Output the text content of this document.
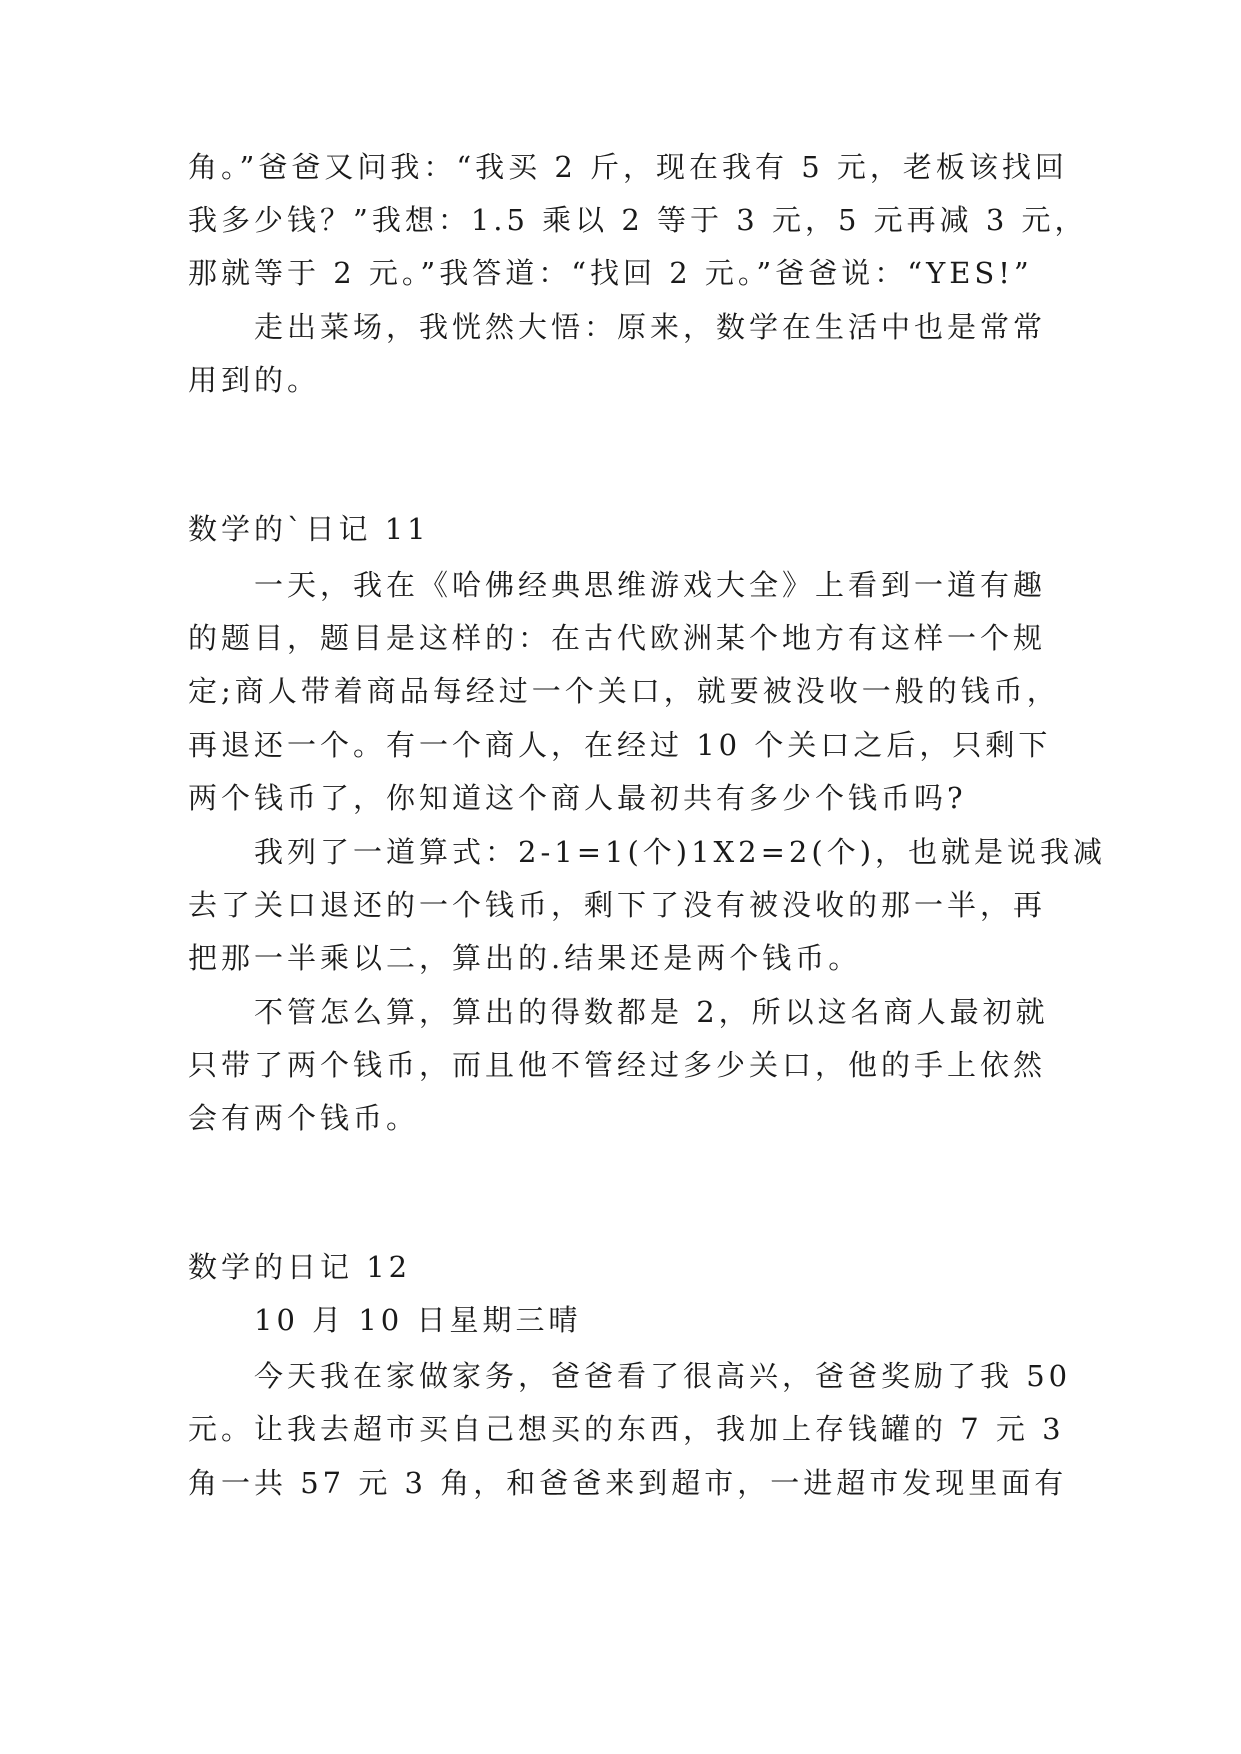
角。”爸爸又问我：“我买 2 斤，现在我有 5 元，老板该找回
我多少钱？”我想：1.5 乘以 2 等于 3 元，5 元再减 3 元，
那就等于 2 元。”我答道：“找回 2 元。”爸爸说：“YES!”
走出菜场，我恍然大悟：原来，数学在生活中也是常常
用到的。
数学的`日记 11
一天，我在《哈佛经典思维游戏大全》上看到一道有趣
的题目，题目是这样的：在古代欧洲某个地方有这样一个规
定;商人带着商品每经过一个关口，就要被没收一般的钱币，
再退还一个。有一个商人，在经过 10 个关口之后，只剩下
两个钱币了，你知道这个商人最初共有多少个钱币吗?
我列了一道算式：2-1=1(个)1X2=2(个)，也就是说我减
去了关口退还的一个钱币，剩下了没有被没收的那一半，再
把那一半乘以二，算出的.结果还是两个钱币。
不管怎么算，算出的得数都是 2，所以这名商人最初就
只带了两个钱币，而且他不管经过多少关口，他的手上依然
会有两个钱币。
数学的日记 12
10 月 10 日星期三晴
今天我在家做家务，爸爸看了很高兴，爸爸奖励了我 50
元。让我去超市买自己想买的东西，我加上存钱罐的 7 元 3
角一共 57 元 3 角，和爸爸来到超市，一进超市发现里面有
